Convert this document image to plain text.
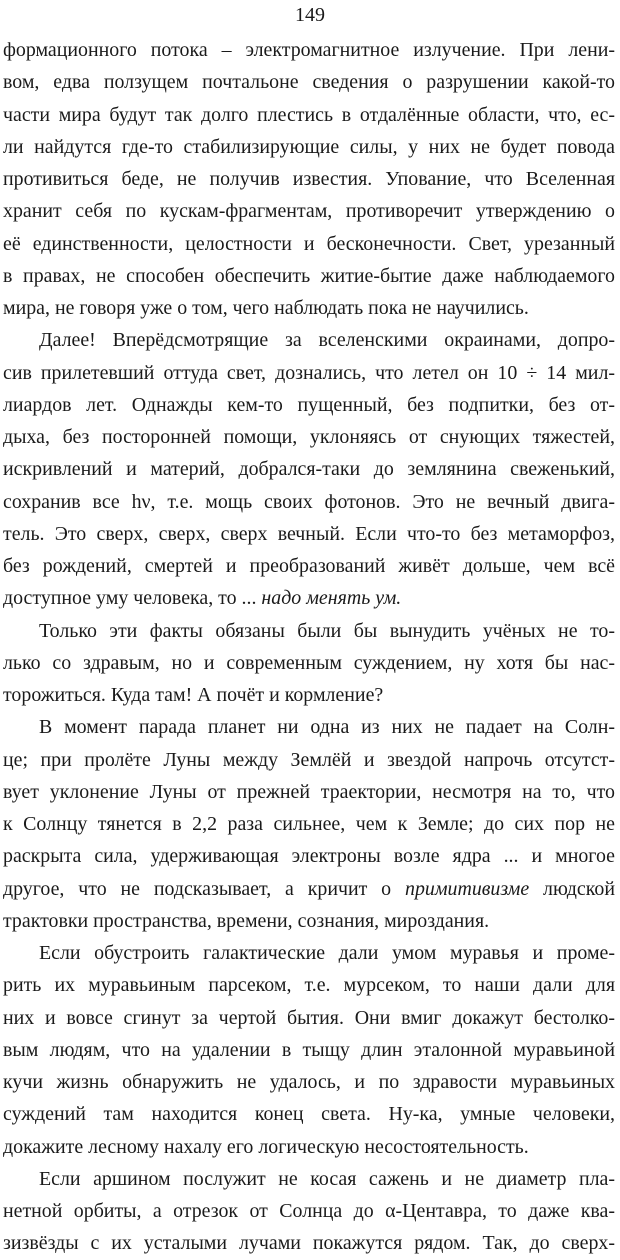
149
формационного потока – электромагнитное излучение. При лени-
вом, едва ползущем почтальоне сведения о разрушении какой-то
части мира будут так долго плестись в отдалённые области, что, ес-
ли найдутся где-то стабилизирующие силы, у них не будет повода
противиться беде, не получив известия. Упование, что Вселенная
хранит себя по кускам-фрагментам, противоречит утверждению о
её единственности, целостности и бесконечности. Свет, урезанный
в правах, не способен обеспечить житие-бытие даже наблюдаемого
мира, не говоря уже о том, чего наблюдать пока не научились.
Далее! Вперёдсмотрящие за вселенскими окраинами, допро-
сив прилетевший оттуда свет, дознались, что летел он 10 ÷ 14 мил-
лиардов лет. Однажды кем-то пущенный, без подпитки, без от-
дыха, без посторонней помощи, уклоняясь от снующих тяжестей,
искривлений и материй, добрался-таки до землянина свеженький,
сохранив все hν, т.е. мощь своих фотонов. Это не вечный двига-
тель. Это сверх, сверх, сверх вечный. Если что-то без метаморфоз,
без рождений, смертей и преобразований живёт дольше, чем всё
доступное уму человека, то ... надо менять ум.
Только эти факты обязаны были бы вынудить учёных не то-
лько со здравым, но и современным суждением, ну хотя бы нас-
торожиться. Куда там! А почёт и кормление?
В момент парада планет ни одна из них не падает на Солн-
це; при пролёте Луны между Землёй и звездой напрочь отсутст-
вует уклонение Луны от прежней траектории, несмотря на то, что
к Солнцу тянется в 2,2 раза сильнее, чем к Земле; до сих пор не
раскрыта сила, удерживающая электроны возле ядра ... и многое
другое, что не подсказывает, а кричит о примитивизме людской
трактовки пространства, времени, сознания, мироздания.
Если обустроить галактические дали умом муравья и проме-
рить их муравьиным парсеком, т.е. мурсеком, то наши дали для
них и вовсе сгинут за чертой бытия. Они вмиг докажут бестолко-
вым людям, что на удалении в тыщу длин эталонной муравьиной
кучи жизнь обнаружить не удалось, и по здравости муравьиных
суждений там находится конец света. Ну-ка, умные человеки,
докажите лесному нахалу его логическую несостоятельность.
Если аршином послужит не косая сажень и не диаметр пла-
нетной орбиты, а отрезок от Солнца до α-Центавра, то даже ква-
зизвёзды с их усталыми лучами покажутся рядом. Так, до сверх-
